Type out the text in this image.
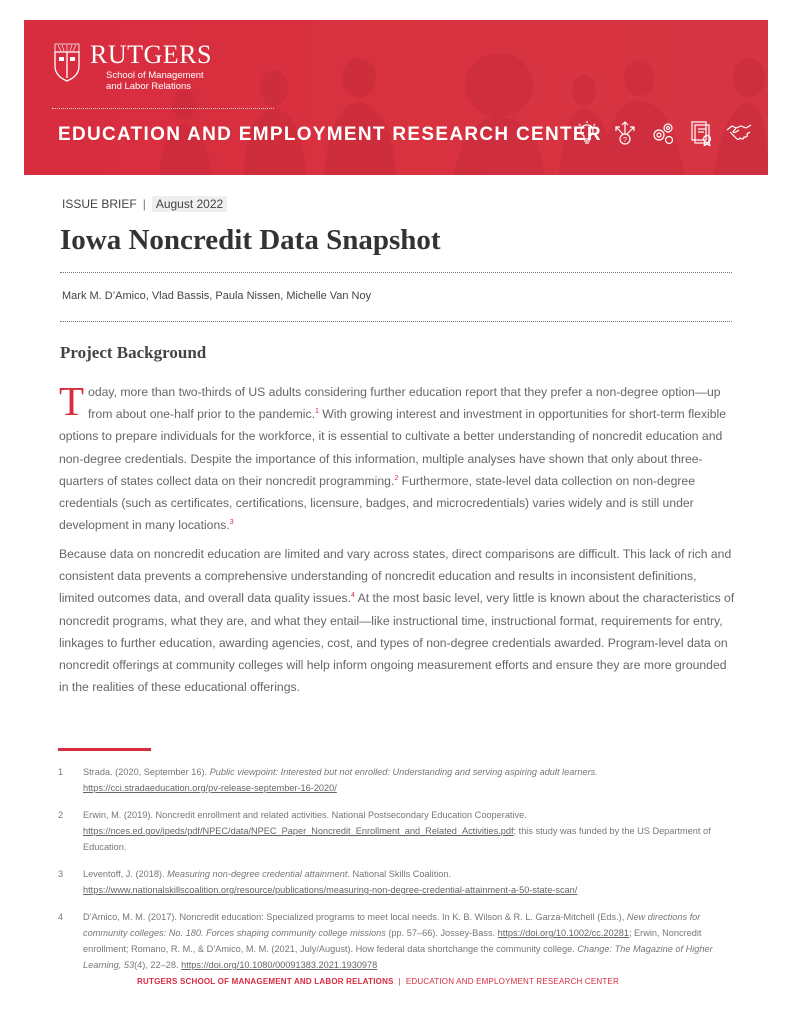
RUTGERS
School of Management
and Labor Relations
EDUCATION AND EMPLOYMENT RESEARCH CENTER	?
ISSUE BRIEF | August 2022
Iowa Noncredit Data Snapshot
Mark M. D’Amico, Vlad Bassis, Paula Nissen, Michelle Van Noy
Project Background

Today, more than two-thirds of US adults considering further education report that they prefer a non-degree option—up from about one-half prior to the pandemic.$^1$ With growing interest and investment in opportunities for short-term flexible options to prepare individuals for the workforce, it is essential to cultivate a better understanding of noncredit education and non-degree credentials. Despite the importance of this information, multiple analyses have shown that only about three-quarters of states collect data on their noncredit programming.$^2$ Furthermore, state-level data collection on non-degree credentials (such as certificates, certifications, licensure, badges, and microcredentials) varies widely and is still under development in many locations.$^3$

Because data on noncredit education are limited and vary across states, direct comparisons are difficult. This lack of rich and consistent data prevents a comprehensive understanding of noncredit education and results in inconsistent definitions, limited outcomes data, and overall data quality issues.$^4$ At the most basic level, very little is known about the characteristics of noncredit programs, what they are, and what they entail—like instructional time, instructional format, requirements for entry, linkages to further education, awarding agencies, cost, and types of non-degree credentials awarded. Program-level data on noncredit offerings at community colleges will help inform ongoing measurement efforts and ensure they are more grounded in the realities of these educational offerings.

1	Strada. (2020, September 16). Public viewpoint: Interested but not enrolled: Understanding and serving aspiring adult learners. https://cci.stradaeducation.org/pv-release-september-16-2020/
2	Erwin, M. (2019). Noncredit enrollment and related activities. National Postsecondary Education Cooperative. https://nces.ed.gov/ipeds/pdf/NPEC/data/NPEC_Paper_Noncredit_Enrollment_and_Related_Activities.pdf; this study was funded by the US Department of Education.
3	Leventoff, J. (2018). Measuring non-degree credential attainment. National Skills Coalition. https://www.nationalskillscoalition.org/resource/publications/measuring-non-degree-credential-attainment-a-50-state-scan/
4	D’Amico, M. M. (2017). Noncredit education: Specialized programs to meet local needs. In K. B. Wilson & R. L. Garza-Mitchell (Eds.), New directions for community colleges: No. 180. Forces shaping community college missions (pp. 57–66). Jossey-Bass. https://doi.org/10.1002/cc.20281; Erwin, Noncredit enrollment; Romano, R. M., & D’Amico, M. M. (2021, July/August). How federal data shortchange the community college. Change: The Magazine of Higher Learning, 53(4), 22–28. https://doi.org/10.1080/00091383.2021.1930978
RUTGERS SCHOOL OF MANAGEMENT AND LABOR RELATIONS | EDUCATION AND EMPLOYMENT RESEARCH CENTER
